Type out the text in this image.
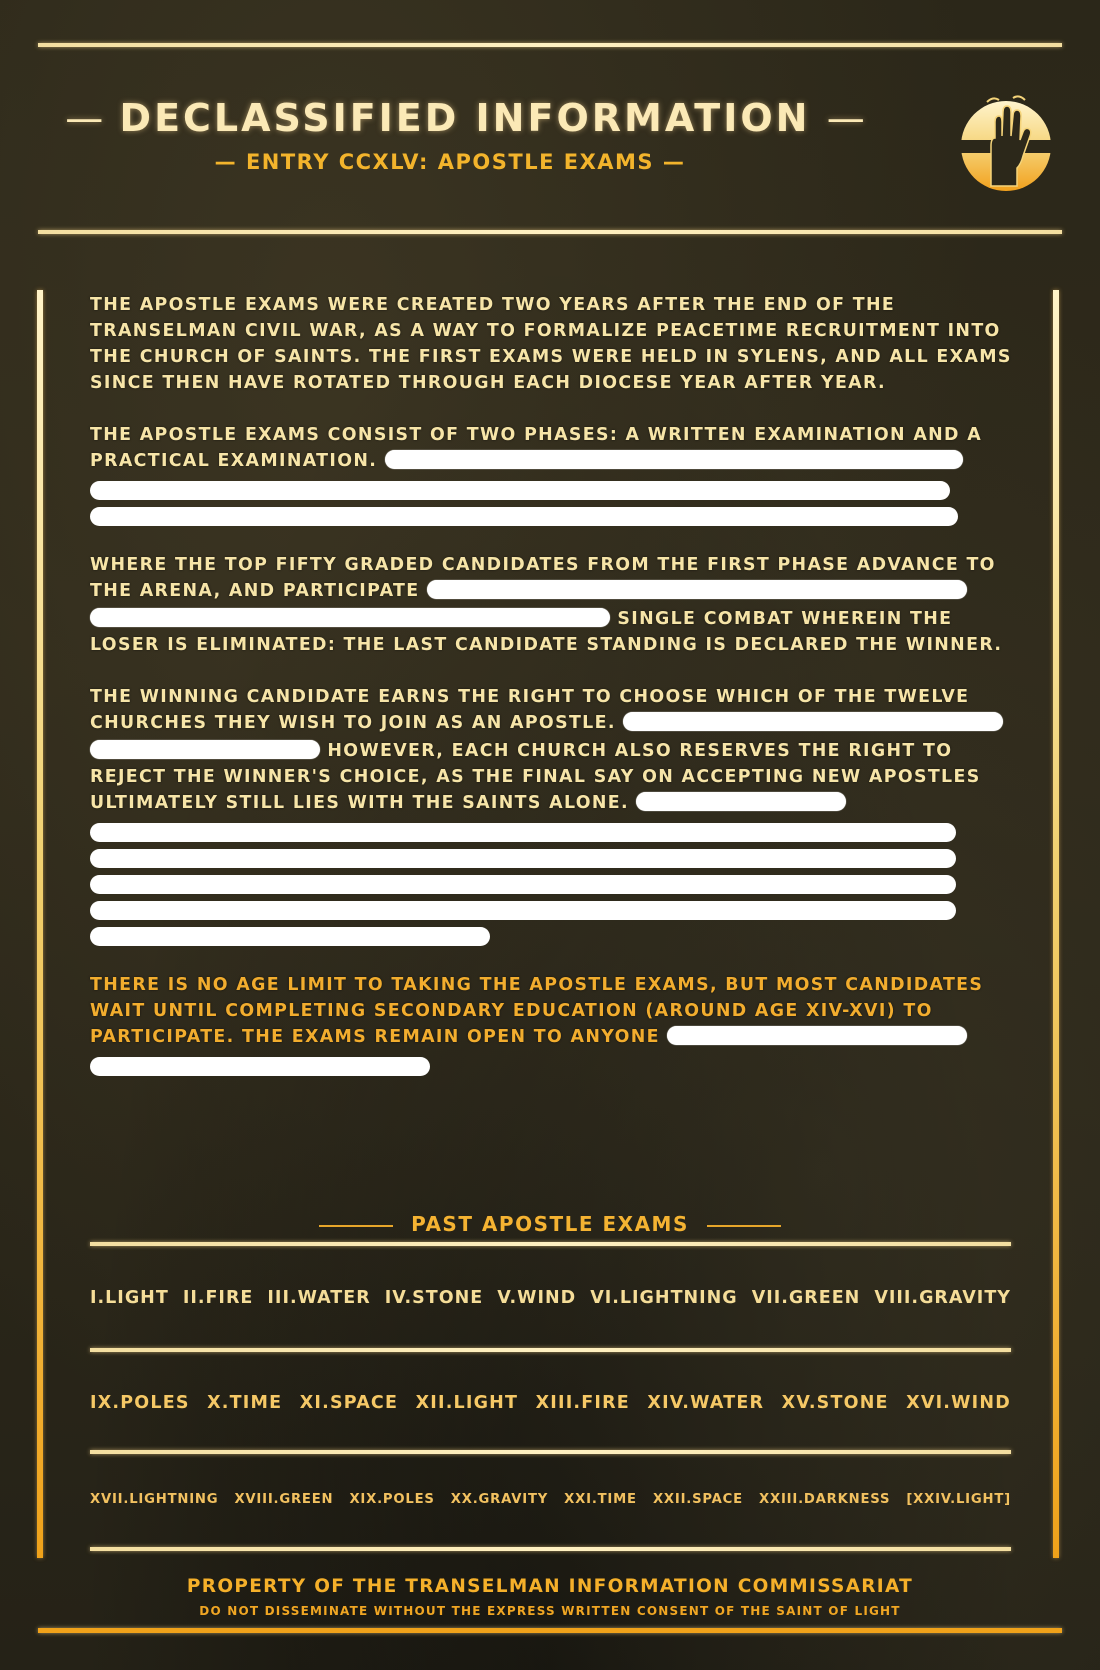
— DECLASSIFIED INFORMATION —
— ENTRY CCXLV: APOSTLE EXAMS —

THE APOSTLE EXAMS WERE CREATED TWO YEARS AFTER THE END OF THE TRANSELMAN CIVIL WAR, AS A WAY TO FORMALIZE PEACETIME RECRUITMENT INTO THE CHURCH OF SAINTS. THE FIRST EXAMS WERE HELD IN SYLENS, AND ALL EXAMS SINCE THEN HAVE ROTATED THROUGH EACH DIOCESE YEAR AFTER YEAR.

THE APOSTLE EXAMS CONSIST OF TWO PHASES: A WRITTEN EXAMINATION AND A PRACTICAL EXAMINATION.

WHERE THE TOP FIFTY GRADED CANDIDATES FROM THE FIRST PHASE ADVANCE TO THE ARENA, AND PARTICIPATE   SINGLE COMBAT WHEREIN THE LOSER IS ELIMINATED: THE LAST CANDIDATE STANDING IS DECLARED THE WINNER.

THE WINNING CANDIDATE EARNS THE RIGHT TO CHOOSE WHICH OF THE TWELVE CHURCHES THEY WISH TO JOIN AS AN APOSTLE.   HOWEVER, EACH CHURCH ALSO RESERVES THE RIGHT TO REJECT THE WINNER'S CHOICE, AS THE FINAL SAY ON ACCEPTING NEW APOSTLES ULTIMATELY STILL LIES WITH THE SAINTS ALONE.

THERE IS NO AGE LIMIT TO TAKING THE APOSTLE EXAMS, BUT MOST CANDIDATES WAIT UNTIL COMPLETING SECONDARY EDUCATION (AROUND AGE XIV-XVI) TO PARTICIPATE. THE EXAMS REMAIN OPEN TO ANYONE

PAST APOSTLE EXAMS
I.LIGHT II.FIRE III.WATER IV.STONE V.WIND VI.LIGHTNING VII.GREEN VIII.GRAVITY
IX.POLES X.TIME XI.SPACE XII.LIGHT XIII.FIRE XIV.WATER XV.STONE XVI.WIND
XVII.LIGHTNING XVIII.GREEN XIX.POLES XX.GRAVITY XXI.TIME XXII.SPACE XXIII.DARKNESS [XXIV.LIGHT]
PROPERTY OF THE TRANSELMAN INFORMATION COMMISSARIAT
DO NOT DISSEMINATE WITHOUT THE EXPRESS WRITTEN CONSENT OF THE SAINT OF LIGHT
